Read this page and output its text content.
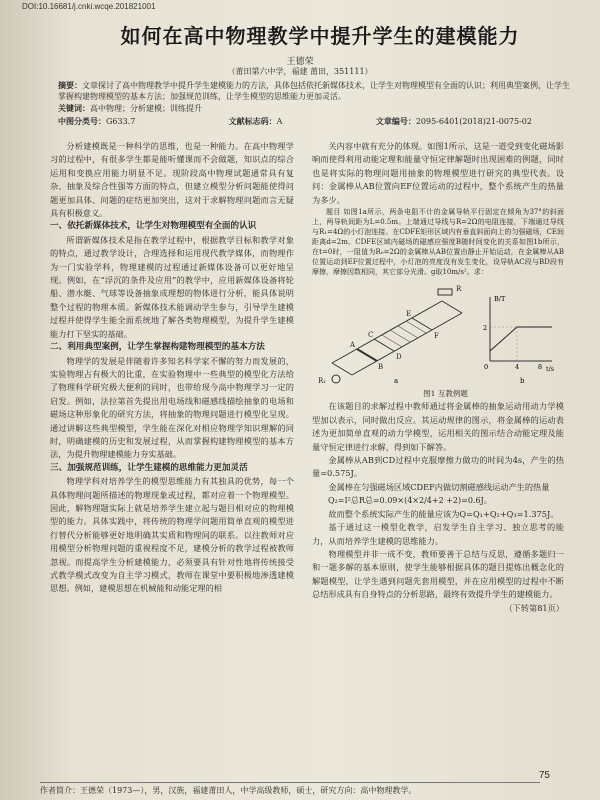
DOI:10.16681/j.cnki.wcqe.201821001
如何在高中物理教学中提升学生的建模能力
王德荣
（莆田第六中学，福建 莆田，351111）
摘要：文章探讨了高中物理教学中提升学生建模能力的方法，具体包括依托新媒体技术，让学生对物理模型有全面的认识；利用典型案例，让学生掌握构建物理模型的基本方法；加强规范训练，让学生模型的思维能力更加灵活。
关键词：高中物理；分析建模；训练提升
中图分类号：G633.7	文献标志码：A	文章编号：2095-6401(2018)21-0075-02

分析建模既是一种科学的思维，也是一种能力。在高中物理学习的过程中，有很多学生都是能听懂课而不会做题，知识点的综合运用和变换应用能力明显不足。现阶段高中物理试题通常具有复杂、抽象及综合性强等方面的特点，但建立模型分析问题能使得问题更加具体、问题的症结更加突出，这对于求解物理问题而言无疑具有积极意义。

一、依托新媒体技术，让学生对物理模型有全面的认识

所谓新媒体技术是指在教学过程中，根据教学目标和教学对象的特点，通过教学设计，合理选择和运用现代教学媒体，而物理作为一门实验学科，物理建模的过程通过新媒体设备可以更好地呈现。例如，在“浮沉的条件及应用”的教学中，应用新媒体设备将轮船、潜水艇、气球等设备抽象成理想的物体进行分析，能具体说明整个过程的物理本质。新媒体技术能调动学生参与，引导学生建模过程并使得学生能全面系统地了解各类物理模型，为提升学生建模能力打下坚实的基础。

二、利用典型案例，让学生掌握构建物理模型的基本方法

物理学的发展是伴随着许多知名科学家不懈的努力而发展的，实验物理占有极大的比重，在实验物理中一些典型的模型化方法给了物理科学研究极大便利的同时，也带给现今高中物理学习一定的启发。例如，法拉第首先提出用电场线和磁感线描绘抽象的电场和磁场这种形象化的研究方法，将抽象的物理问题进行模型化呈现。通过讲解这些典型模型，学生能在深化对相应物理学知识理解的同时，明确建模的历史和发展过程，从而掌握构建物理模型的基本方法，为提升物理建模能力夯实基础。

三、加强规范训练，让学生建模的思维能力更加灵活

物理学科对培养学生的模型思维能力有其独具的优势，每一个具体物理问题所描述的物理现象或过程，都对应着一个物理模型。因此，解物理题实际上就是培养学生建立起与题目相对应的物理模型的能力。具体实践中，将传统的物理学问题用简单直观的模型进行替代分析能够更好地明确其实质和物理间的联系。以往教师对应用模型分析物理问题的重视程度不足，建模分析的教学过程被教师忽视。而提高学生分析建模能力，必须要具有针对性地将传统接受式教学模式改变为自主学习模式，教师在课堂中要积极地渗透建模思想。例如，建模思想在机械能和动能定理的相

关内容中就有充分的体现。如图1所示，这是一道受到变化磁场影响而使得利用动能定理和能量守恒定律解题时出现困难的例题，同时也是将实际的物理问题用抽象的物理模型进行研究的典型代表。设问：金属棒从AB位置向EF位置运动的过程中，整个系统产生的热量为多少。

题目 如图1a所示，两条电阻不计的金属导轨平行固定在倾角为37°的斜面上，两导轨间距为L=0.5m。上端通过导线与R=2Ω的电阻连接，下端通过导线与R₁=4Ω的小灯泡连接。在CDFE矩形区域内有垂直斜面向上的匀强磁场，CE间距离d=2m。CDFE区域内磁场的磁感应强度B随时间变化的关系如图1b所示，在t=0时，一阻值为R₀=2Ω的金属棒从AB位置由静止开始运动，在金属棒从AB位置运动到EF位置过程中，小灯泡的亮度没有发生变化，设导轨AC段与BD段有摩擦，摩擦因数相同，其它部分光滑。g取10m/s²。求：

A
B
C
D
E
F
R
R₁	a
B/T
t/s
0	4	8
2
b

图1 互教例题

在该题目的求解过程中教师通过将金属棒的抽象运动用动力学模型加以表示，同时做出反应。其运动规律的图示，将金属棒的运动表述为更加简单直观的动力学模型，运用相关的图示结合动能定理及能量守恒定律进行求解，得到如下解答。

金属棒从AB到CD过程中克服摩擦力做功的时间为4s，产生的热量=0.575J。

金属棒在匀强磁场区域CDEF内做切割磁感线运动产生的热量

Q₂=I²总R总=0.09×(4×2/4+2 +2)=0.6J。

故而整个系统实际产生的能量应该为Q=Q₁+Q₂+Q₃=1.375J。

基于通过这一模型化教学，启发学生自主学习、独立思考的能力，从而培养学生建模的思维能力。

物理模型并非一成不变，教师要善于总结与反思，遵循多题归一和一题多解的基本原则，使学生能够根据具体的题目提炼出概念化的解题模型，让学生遇到问题先套用模型，并在应用模型的过程中不断总结形成具有自身特点的分析思路，最终有效提升学生的建模能力。

（下转第81页）

75
作者简介：王德荣（1973—），男，汉族，福建莆田人，中学高级教师，硕士，研究方向：高中物理教学。
